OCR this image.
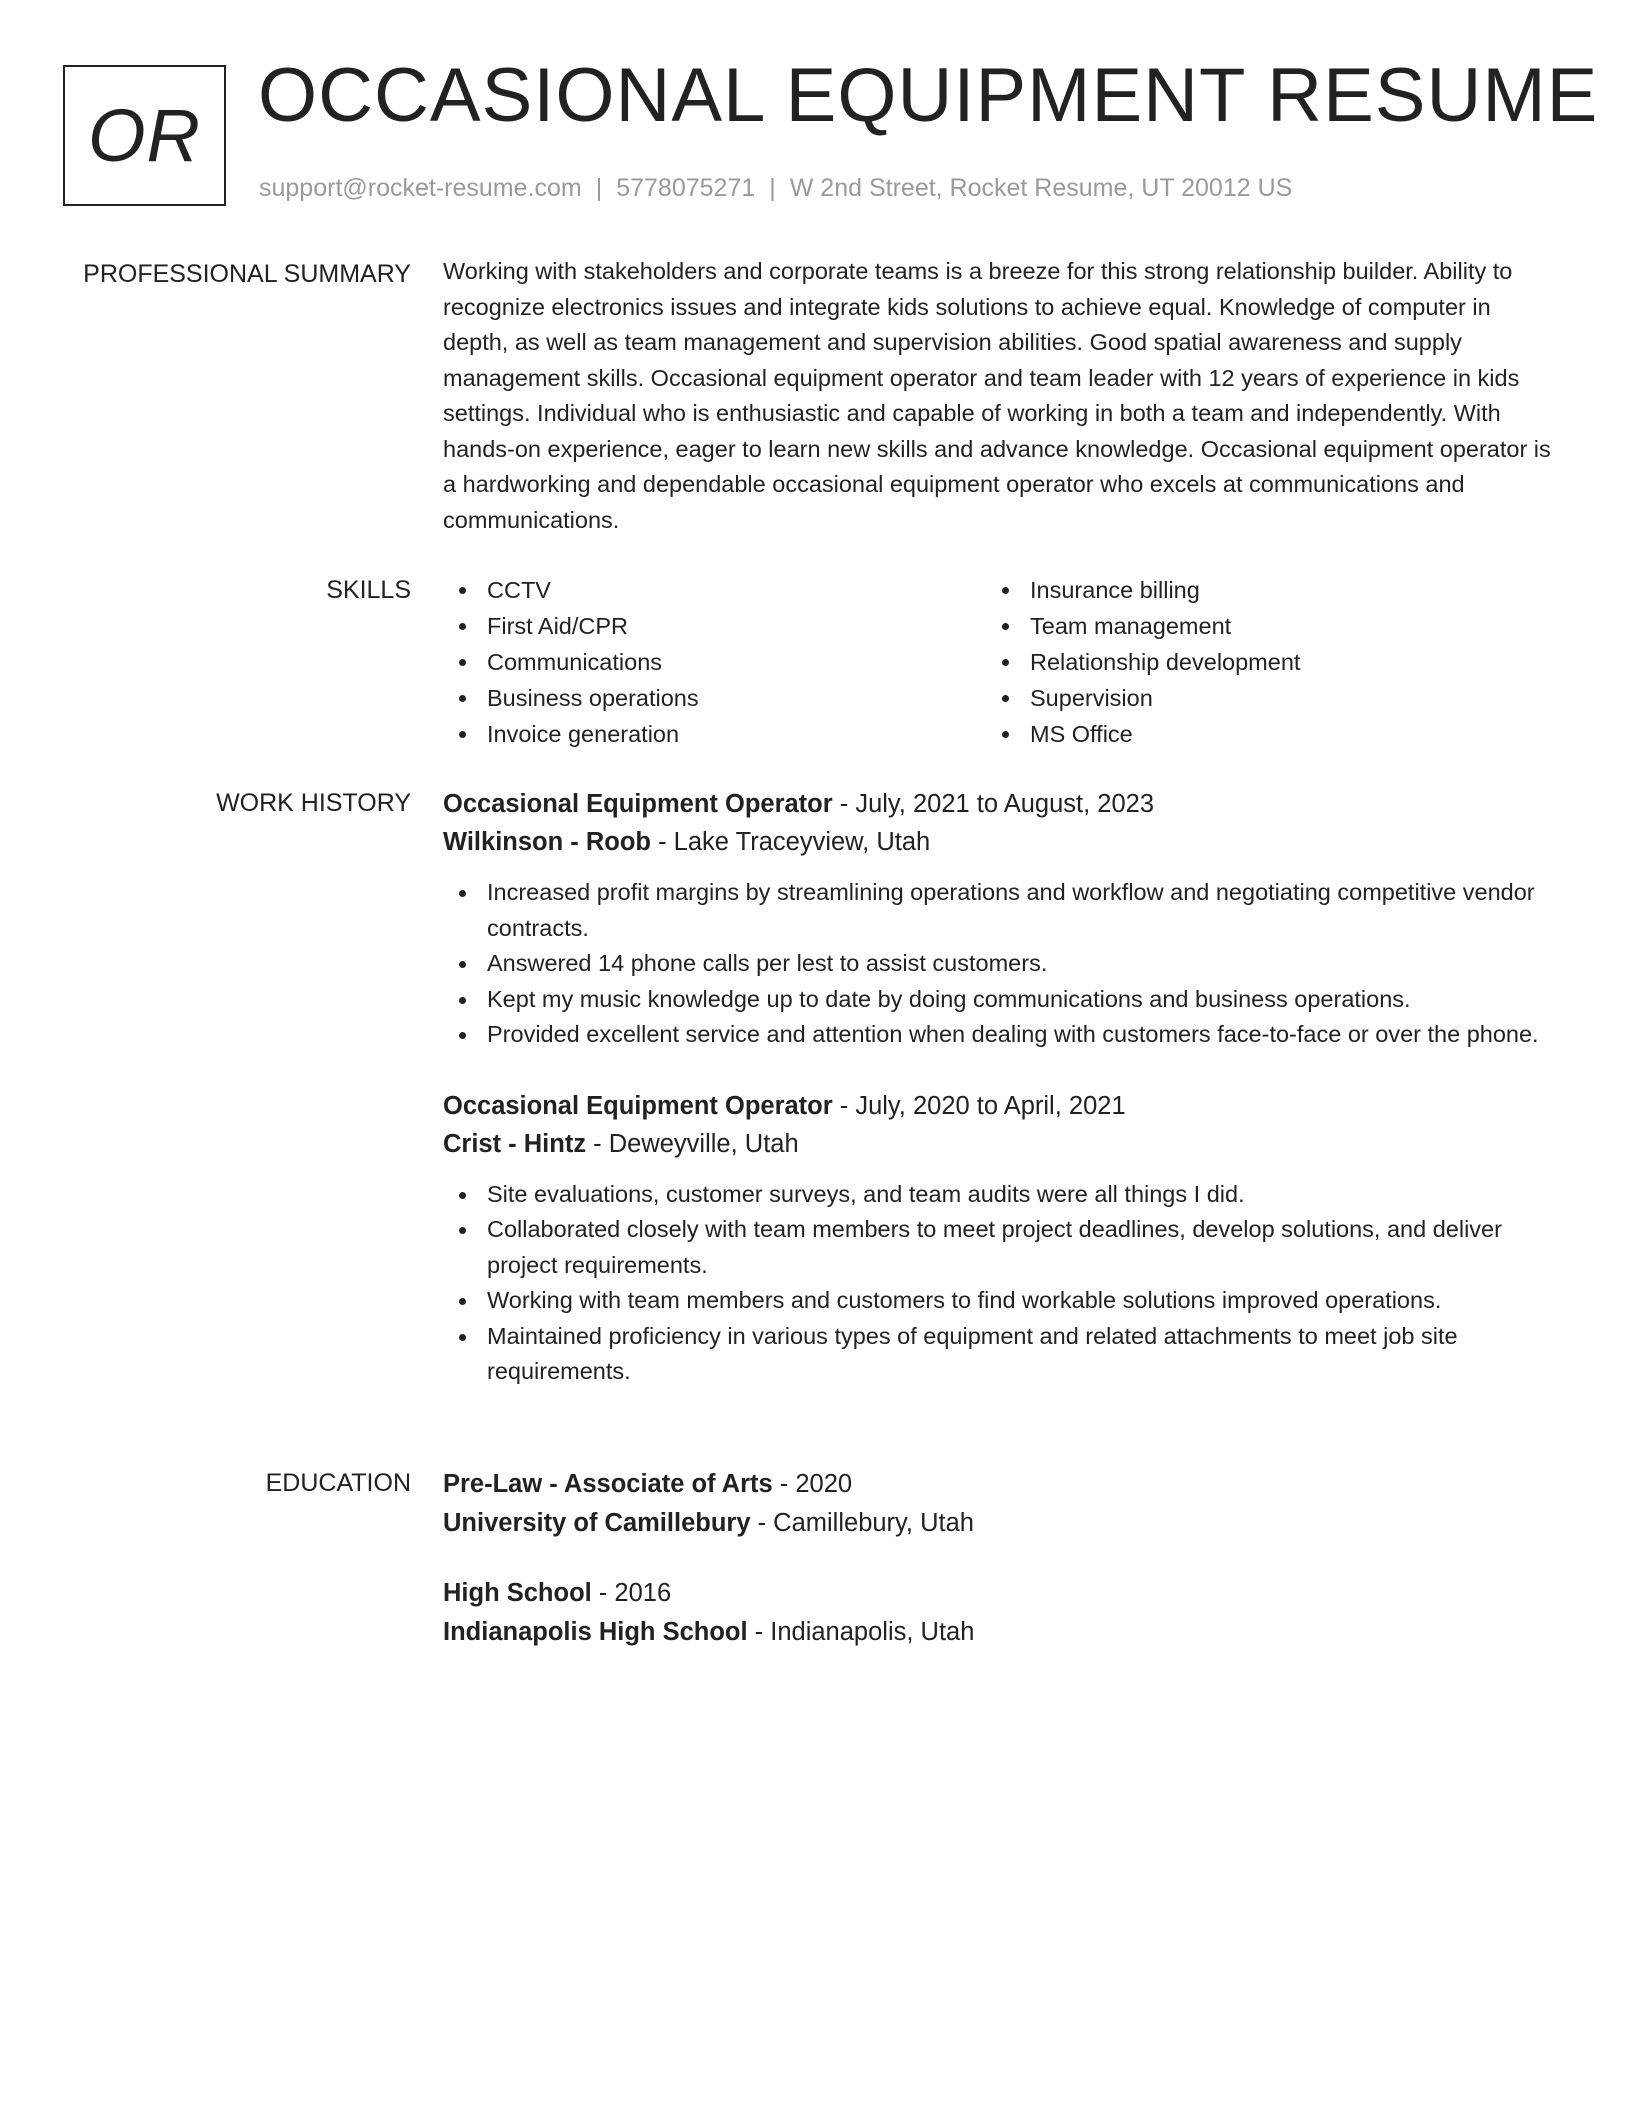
OR OCCASIONAL EQUIPMENT RESUME
support@rocket-resume.com | 5778075271 | W 2nd Street, Rocket Resume, UT 20012 US
PROFESSIONAL SUMMARY Working with stakeholders and corporate teams is a breeze for this strong relationship builder. Ability to recognize electronics issues and integrate kids solutions to achieve equal. Knowledge of computer in depth, as well as team management and supervision abilities. Good spatial awareness and supply management skills. Occasional equipment operator and team leader with 12 years of experience in kids settings. Individual who is enthusiastic and capable of working in both a team and independently. With hands-on experience, eager to learn new skills and advance knowledge. Occasional equipment operator is a hardworking and dependable occasional equipment operator who excels at communications and communications.

SKILLS	CCTV
First Aid/CPR
Communications
Business operations
Invoice generation
Insurance billing
Team management
Relationship development
Supervision
MS Office
WORK HISTORY Occasional Equipment Operator - July, 2021 to August, 2023
Wilkinson - Roob - Lake Traceyview, Utah
Increased profit margins by streamlining operations and workflow and negotiating competitive vendor contracts.
Answered 14 phone calls per lest to assist customers.
Kept my music knowledge up to date by doing communications and business operations.
Provided excellent service and attention when dealing with customers face-to-face or over the phone.
Occasional Equipment Operator - July, 2020 to April, 2021
Crist - Hintz - Deweyville, Utah
Site evaluations, customer surveys, and team audits were all things I did.
Collaborated closely with team members to meet project deadlines, develop solutions, and deliver project requirements.
Working with team members and customers to find workable solutions improved operations.
Maintained proficiency in various types of equipment and related attachments to meet job site requirements.
EDUCATION Pre-Law - Associate of Arts - 2020
University of Camillebury - Camillebury, Utah
High School - 2016
Indianapolis High School - Indianapolis, Utah
